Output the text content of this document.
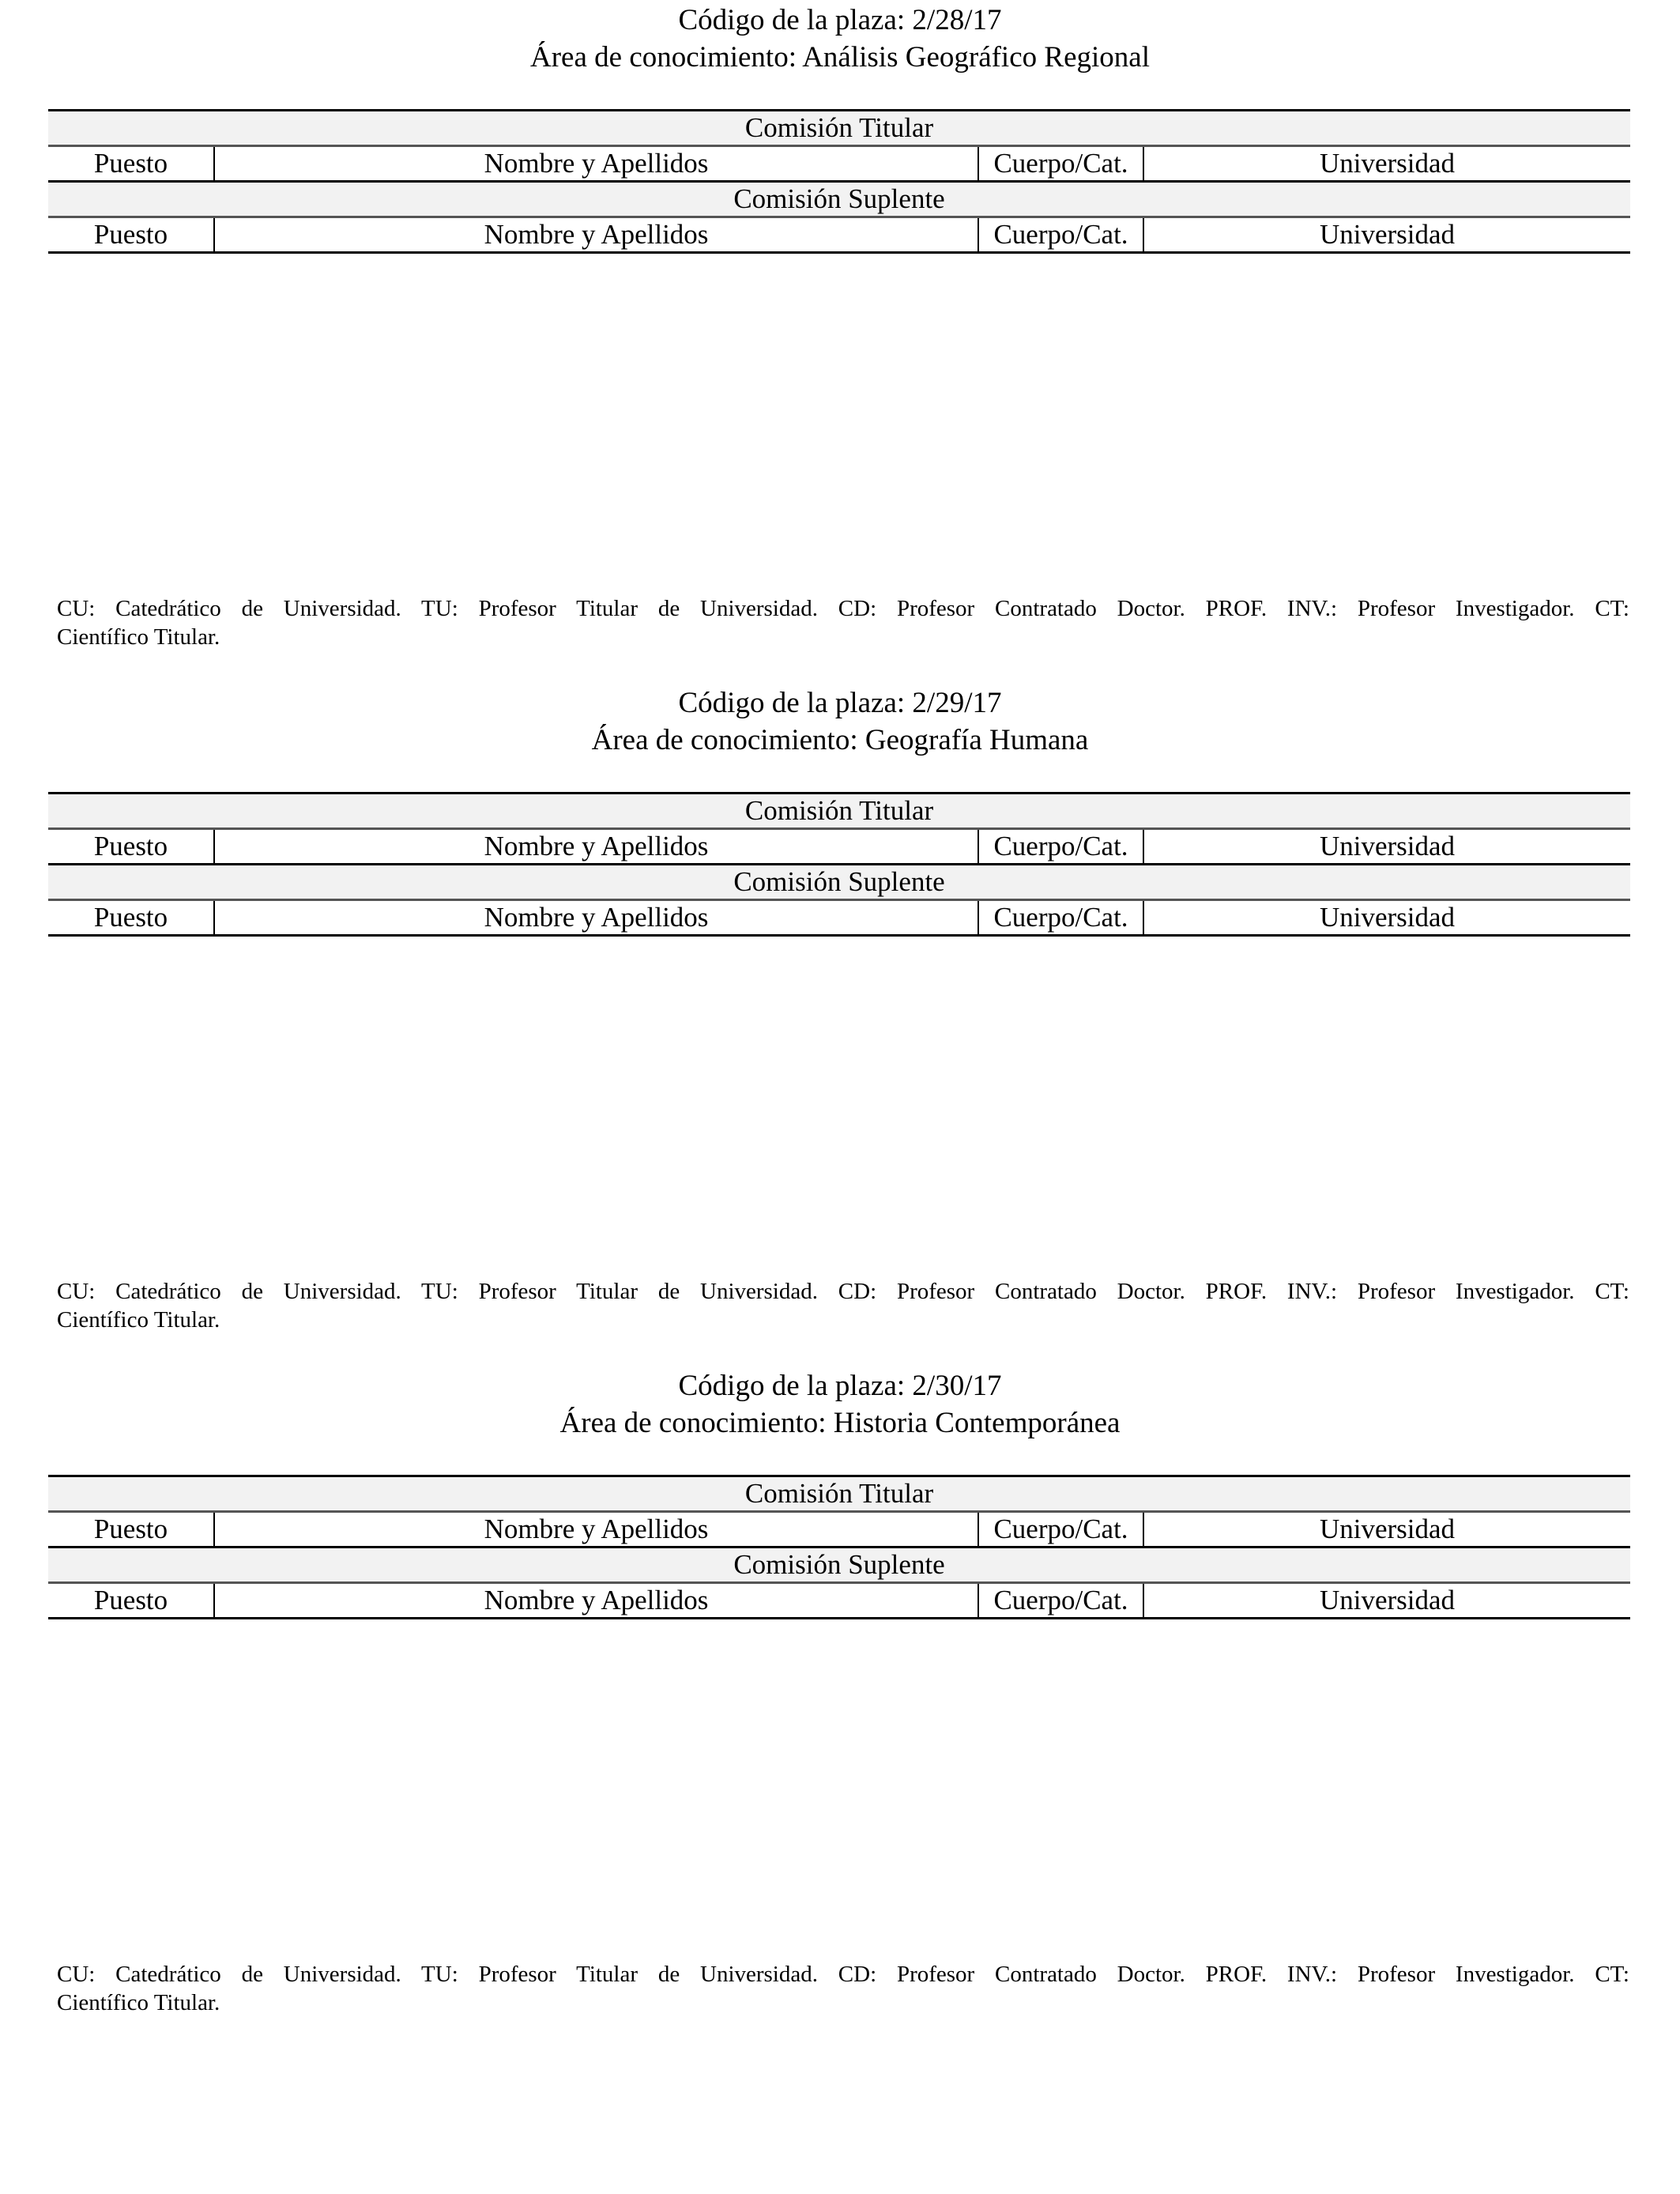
Código de la plaza: 2/28/17
Área de conocimiento: Análisis Geográfico Regional
Comisión Titular			
Puesto	Nombre y Apellidos	Cuerpo/Cat.	Universidad
Comisión Suplente			
Puesto	Nombre y Apellidos	Cuerpo/Cat.	Universidad
CU: Catedrático de Universidad. TU: Profesor Titular de Universidad. CD: Profesor Contratado Doctor. PROF. INV.: Profesor Investigador. CT:
Científico Titular.
Código de la plaza: 2/29/17
Área de conocimiento: Geografía Humana
Comisión Titular			
Puesto	Nombre y Apellidos	Cuerpo/Cat.	Universidad
Comisión Suplente			
Puesto	Nombre y Apellidos	Cuerpo/Cat.	Universidad
CU: Catedrático de Universidad. TU: Profesor Titular de Universidad. CD: Profesor Contratado Doctor. PROF. INV.: Profesor Investigador. CT:
Científico Titular.
Código de la plaza: 2/30/17
Área de conocimiento: Historia Contemporánea
Comisión Titular			
Puesto	Nombre y Apellidos	Cuerpo/Cat.	Universidad
Comisión Suplente			
Puesto	Nombre y Apellidos	Cuerpo/Cat.	Universidad
CU: Catedrático de Universidad. TU: Profesor Titular de Universidad. CD: Profesor Contratado Doctor. PROF. INV.: Profesor Investigador. CT:
Científico Titular.
